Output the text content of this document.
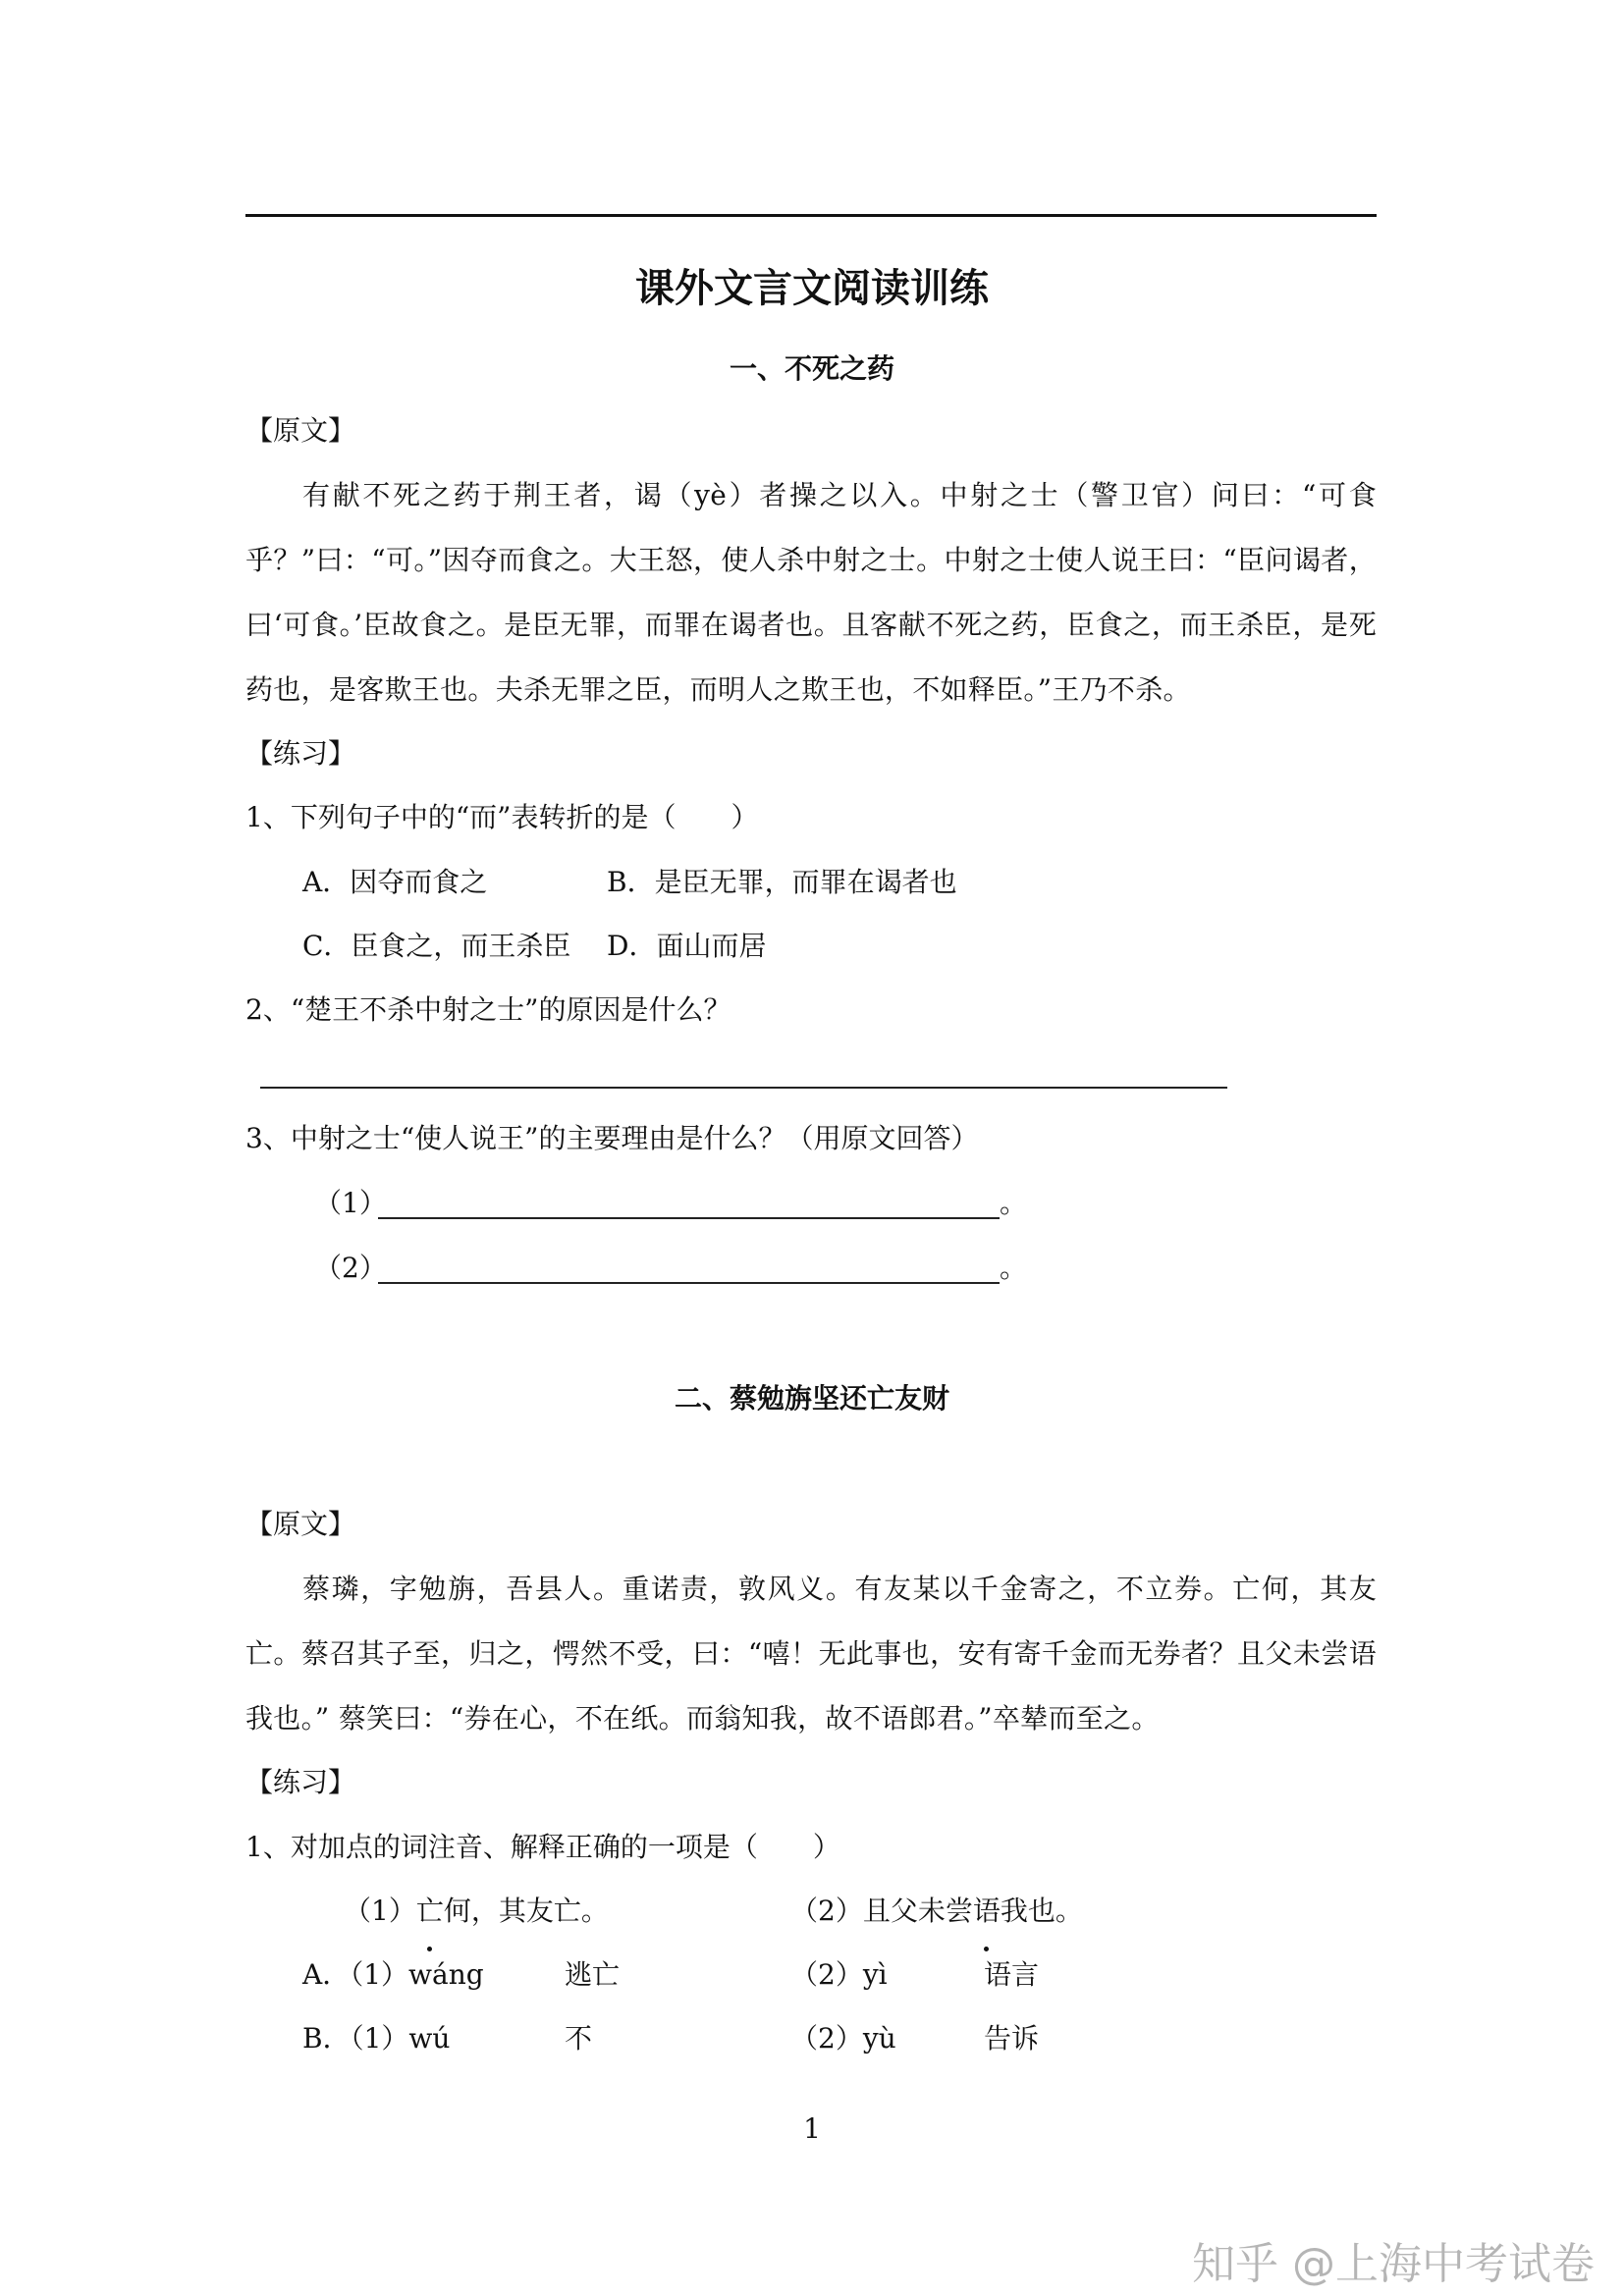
课外文言文阅读训练
一、不死之药
【原文】
有献不死之药于荆王者，谒（yè）者操之以入。中射之士（警卫官）问曰：“可食乎？”曰：“可。”因夺而食之。大王怒，使人杀中射之士。中射之士使人说王曰：“臣问谒者，曰‘可食。’臣故食之。是臣无罪，而罪在谒者也。且客献不死之药，臣食之，而王杀臣，是死药也，是客欺王也。夫杀无罪之臣，而明人之欺王也，不如释臣。”王乃不杀。
【练习】
1、下列句子中的“而”表转折的是（　　）
A．因夺而食之	B．是臣无罪，而罪在谒者也
C．臣食之，而王杀臣 D．面山而居
2、“楚王不杀中射之士”的原因是什么？
3、中射之士“使人说王”的主要理由是什么？（用原文回答）
（1）	。
（2）	。
二、蔡勉旃坚还亡友财
【原文】
蔡璘，字勉旃，吾县人。重诺责，敦风义。有友某以千金寄之，不立券。亡何，其友亡。蔡召其子至，归之，愕然不受，曰：“嘻！无此事也，安有寄千金而无券者？且父未尝语我也。” 蔡笑曰：“券在心，不在纸。而翁知我，故不语郎君。”卒辇而至之。
【练习】
1、对加点的词注音、解释正确的一项是（　　）
（1）亡何，其友亡。	（2）且父未尝语我也。
A．（1）wáng	逃亡	（2）yì	语言
B．（1）wú	不	（2）yù	告诉
1
知乎 @上海中考试卷
